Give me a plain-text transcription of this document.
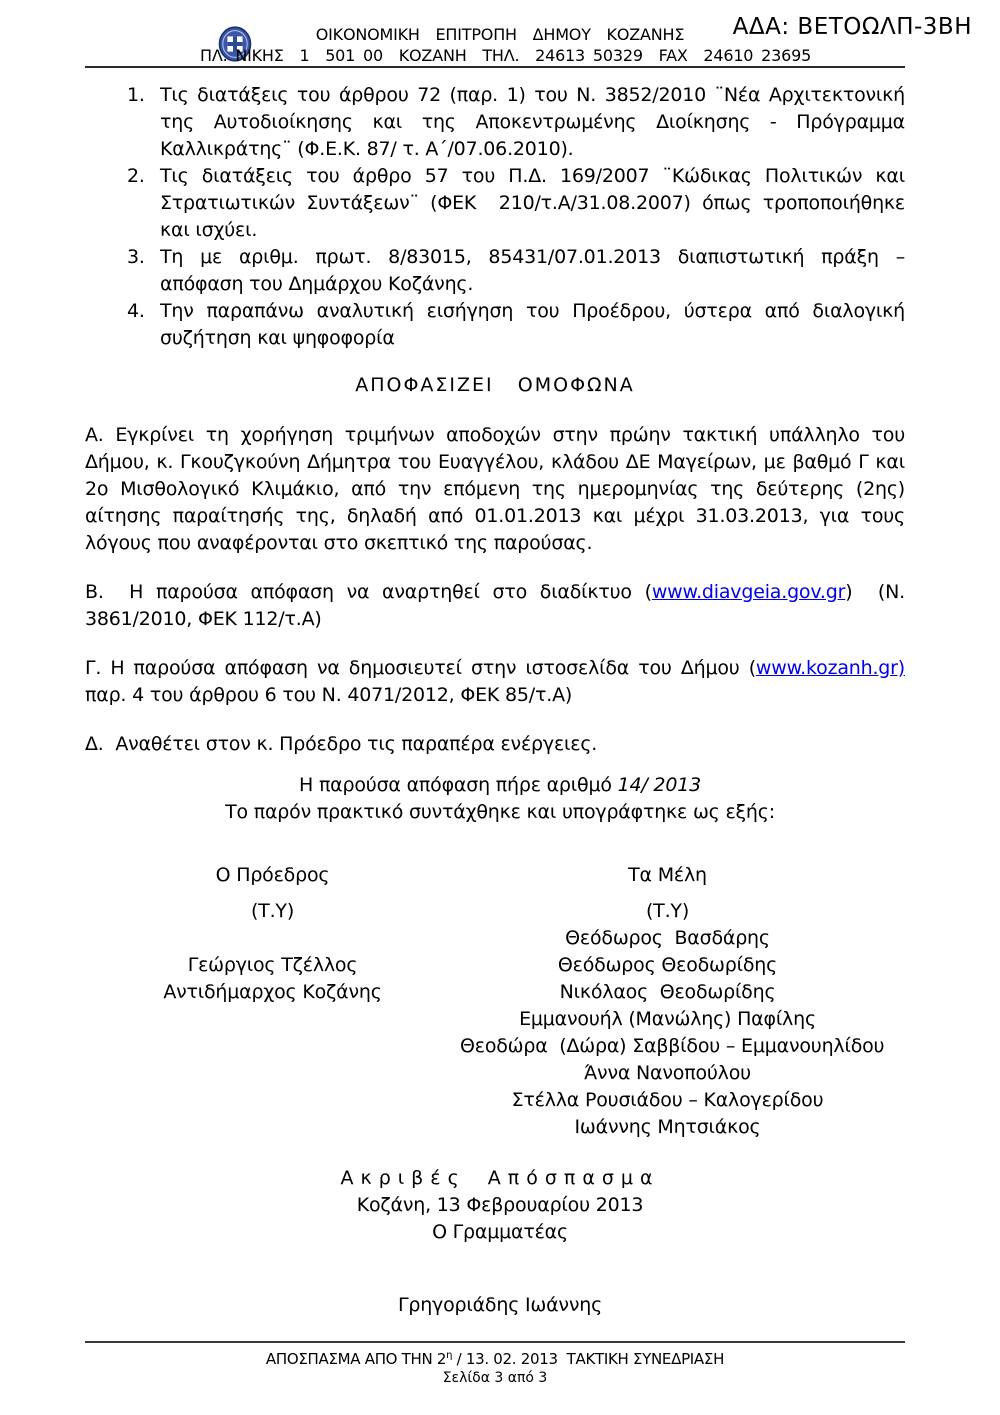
ΟΙΚΟΝΟΜΙΚΗ  ΕΠΙΤΡΟΠΗ  ΔΗΜΟΥ  ΚΟΖΑΝΗΣ
ΠΛ. ΝΙΚΗΣ  1  501 00  ΚΟΖΑΝΗ  ΤΗΛ.  24613 50329  FAX  24610 23695
ΑΔΑ: ΒΕΤΟΩΛΠ-3ΒΗ
1. Τις διατάξεις του άρθρου 72 (παρ. 1) του Ν. 3852/2010 ¨Νέα Αρχιτεκτονική της Αυτοδιοίκησης και της Αποκεντρωμένης Διοίκησης - Πρόγραμμα Καλλικράτης¨ (Φ.Ε.Κ. 87/ τ. Α΄/07.06.2010).
2. Τις διατάξεις του άρθρο 57 του Π.Δ. 169/2007 ¨Κώδικας Πολιτικών και Στρατιωτικών Συντάξεων¨ (ΦΕΚ  210/τ.Α/31.08.2007) όπως τροποποιήθηκε και ισχύει.
3. Τη με αριθμ. πρωτ. 8/83015, 85431/07.01.2013 διαπιστωτική πράξη – απόφαση του Δημάρχου Κοζάνης.
4. Την παραπάνω αναλυτική εισήγηση του Προέδρου, ύστερα από διαλογική συζήτηση και ψηφοφορία
ΑΠΟΦΑΣΙΖΕΙ   ΟΜΟΦΩΝΑ
Α. Εγκρίνει τη χορήγηση τριμήνων αποδοχών στην πρώην τακτική υπάλληλο του Δήμου, κ. Γκουζγκούνη Δήμητρα του Ευαγγέλου, κλάδου ΔΕ Μαγείρων, με βαθμό Γ και 2ο Μισθολογικό Κλιμάκιο, από την επόμενη της ημερομηνίας της δεύτερης (2ης) αίτησης παραίτησής της, δηλαδή από 01.01.2013 και μέχρι 31.03.2013, για τους λόγους που αναφέρονται στο σκεπτικό της παρούσας.
Β.  Η παρούσα απόφαση να αναρτηθεί στο διαδίκτυο (www.diavgeia.gov.gr)  (Ν. 3861/2010, ΦΕΚ 112/τ.Α)
Γ. Η παρούσα απόφαση να δημοσιευτεί στην ιστοσελίδα του Δήμου (www.kozanh.gr) παρ. 4 του άρθρου 6 του Ν. 4071/2012, ΦΕΚ 85/τ.Α)
Δ.  Αναθέτει στον κ. Πρόεδρο τις παραπέρα ενέργειες.
Η παρούσα απόφαση πήρε αριθμό 14/ 2013
Το παρόν πρακτικό συντάχθηκε και υπογράφτηκε ως εξής:
Ο Πρόεδρος
(Τ.Υ)

Γεώργιος Τζέλλος
Αντιδήμαρχος Κοζάνης
Τα Μέλη
(Τ.Υ)
Θεόδωρος  Βασδάρης
Θεόδωρος Θεοδωρίδης
Νικόλαος  Θεοδωρίδης
Εμμανουήλ (Μανώλης) Παφίλης
Θεοδώρα  (Δώρα) Σαββίδου – Εμμανουηλίδου
Άννα Νανοπούλου
Στέλλα Ρουσιάδου – Καλογερίδου
Ιωάννης Μητσιάκος
Ακριβές Απόσπασμα
Κοζάνη, 13 Φεβρουαρίου 2013
Ο Γραμματέας
Γρηγοριάδης Ιωάννης
ΑΠΟΣΠΑΣΜΑ ΑΠΟ ΤΗΝ $2^\eta / 13$. 02. 2013  ΤΑΚΤΙΚΗ ΣΥΝΕΔΡΙΑΣΗ
Σελίδα 3 από 3
